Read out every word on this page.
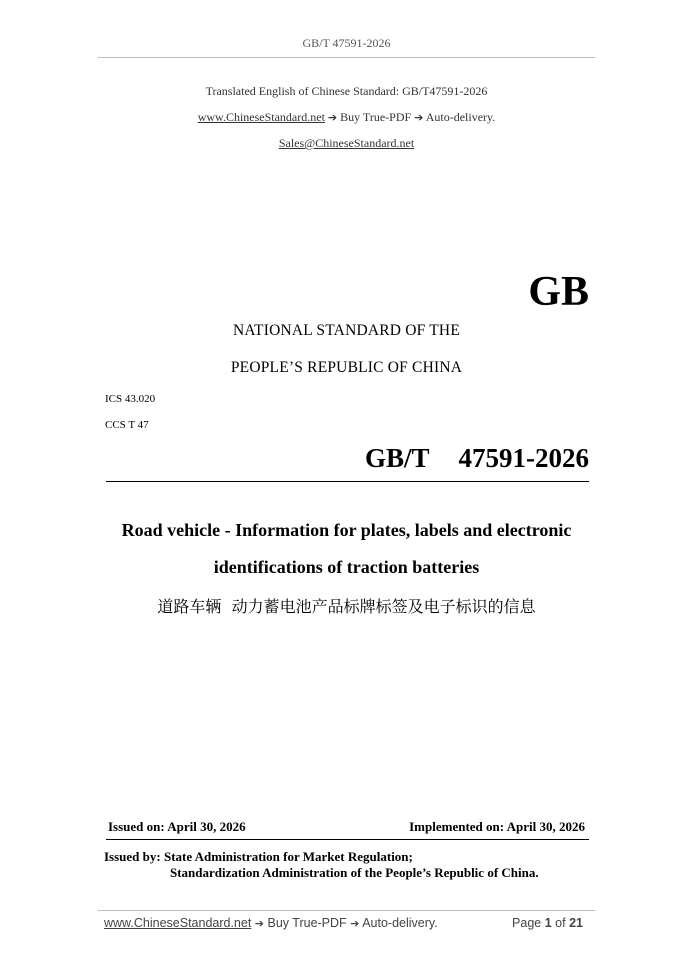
GB/T 47591-2026
Translated English of Chinese Standard: GB/T47591-2026
www.ChineseStandard.net ➔ Buy True-PDF ➔ Auto-delivery.
Sales@ChineseStandard.net
GB
NATIONAL STANDARD OF THE
PEOPLE’S REPUBLIC OF CHINA
ICS 43.020
CCS T 47
GB/T  47591-2026
Road vehicle - Information for plates, labels and electronic
identifications of traction batteries
道路车辆  动力蓄电池产品标牌标签及电子标识的信息
Issued on: April 30, 2026	Implemented on: April 30, 2026
Issued by: State Administration for Market Regulation;
Standardization Administration of the People’s Republic of China.
www.ChineseStandard.net ➔ Buy True-PDF ➔ Auto-delivery.	Page 1 of 21
